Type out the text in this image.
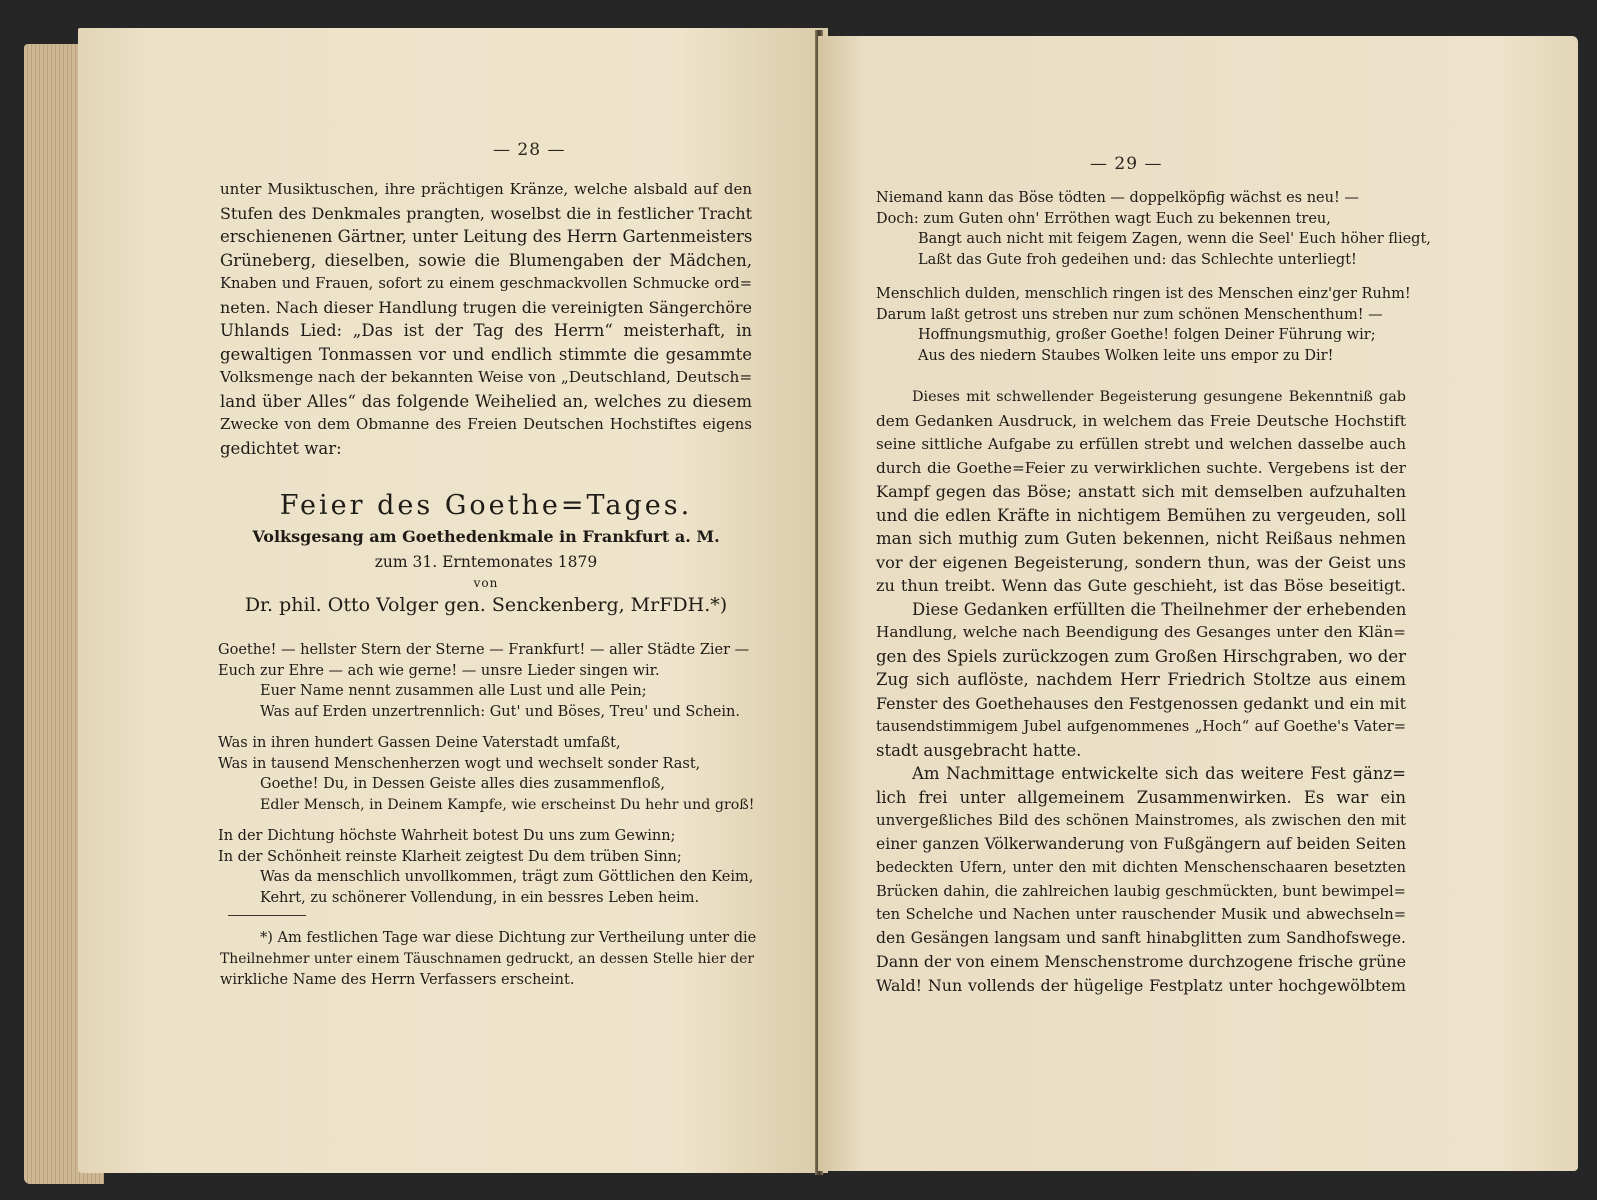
— 28 —
unter Musiktuschen, ihre prächtigen Kränze, welche alsbald auf den
Stufen des Denkmales prangten, woselbst die in festlicher Tracht
erschienenen Gärtner, unter Leitung des Herrn Gartenmeisters
Grüneberg, dieselben, sowie die Blumengaben der Mädchen,
Knaben und Frauen, sofort zu einem geschmackvollen Schmucke ord=
neten. Nach dieser Handlung trugen die vereinigten Sängerchöre
Uhlands Lied: „Das ist der Tag des Herrn“ meisterhaft, in
gewaltigen Tonmassen vor und endlich stimmte die gesammte
Volksmenge nach der bekannten Weise von „Deutschland, Deutsch=
land über Alles“ das folgende Weihelied an, welches zu diesem
Zwecke von dem Obmanne des Freien Deutschen Hochstiftes eigens
gedichtet war:
Feier des Goethe=Tages.
Volksgesang am Goethedenkmale in Frankfurt a. M.
zum 31. Erntemonates 1879
von
Dr. phil. Otto Volger gen. Senckenberg, MrFDH.*)
Goethe! — hellster Stern der Sterne — Frankfurt! — aller Städte Zier —
Euch zur Ehre — ach wie gerne! — unsre Lieder singen wir.
Euer Name nennt zusammen alle Lust und alle Pein;
Was auf Erden unzertrennlich: Gut' und Böses, Treu' und Schein.
Was in ihren hundert Gassen Deine Vaterstadt umfaßt,
Was in tausend Menschenherzen wogt und wechselt sonder Rast,
Goethe! Du, in Dessen Geiste alles dies zusammenfloß,
Edler Mensch, in Deinem Kampfe, wie erscheinst Du hehr und groß!
In der Dichtung höchste Wahrheit botest Du uns zum Gewinn;
In der Schönheit reinste Klarheit zeigtest Du dem trüben Sinn;
Was da menschlich unvollkommen, trägt zum Göttlichen den Keim,
Kehrt, zu schönerer Vollendung, in ein bessres Leben heim.
*) Am festlichen Tage war diese Dichtung zur Vertheilung unter die
Theilnehmer unter einem Täuschnamen gedruckt, an dessen Stelle hier der
wirkliche Name des Herrn Verfassers erscheint.
— 29 —
Niemand kann das Böse tödten — doppelköpfig wächst es neu! —
Doch: zum Guten ohn' Erröthen wagt Euch zu bekennen treu,
Bangt auch nicht mit feigem Zagen, wenn die Seel' Euch höher fliegt,
Laßt das Gute froh gedeihen und: das Schlechte unterliegt!
Menschlich dulden, menschlich ringen ist des Menschen einz'ger Ruhm!
Darum laßt getrost uns streben nur zum schönen Menschenthum! —
Hoffnungsmuthig, großer Goethe! folgen Deiner Führung wir;
Aus des niedern Staubes Wolken leite uns empor zu Dir!
Dieses mit schwellender Begeisterung gesungene Bekenntniß gab
dem Gedanken Ausdruck, in welchem das Freie Deutsche Hochstift
seine sittliche Aufgabe zu erfüllen strebt und welchen dasselbe auch
durch die Goethe=Feier zu verwirklichen suchte. Vergebens ist der
Kampf gegen das Böse; anstatt sich mit demselben aufzuhalten
und die edlen Kräfte in nichtigem Bemühen zu vergeuden, soll
man sich muthig zum Guten bekennen, nicht Reißaus nehmen
vor der eigenen Begeisterung, sondern thun, was der Geist uns
zu thun treibt. Wenn das Gute geschieht, ist das Böse beseitigt.
Diese Gedanken erfüllten die Theilnehmer der erhebenden
Handlung, welche nach Beendigung des Gesanges unter den Klän=
gen des Spiels zurückzogen zum Großen Hirschgraben, wo der
Zug sich auflöste, nachdem Herr Friedrich Stoltze aus einem
Fenster des Goethehauses den Festgenossen gedankt und ein mit
tausendstimmigem Jubel aufgenommenes „Hoch“ auf Goethe's Vater=
stadt ausgebracht hatte.
Am Nachmittage entwickelte sich das weitere Fest gänz=
lich frei unter allgemeinem Zusammenwirken. Es war ein
unvergeßliches Bild des schönen Mainstromes, als zwischen den mit
einer ganzen Völkerwanderung von Fußgängern auf beiden Seiten
bedeckten Ufern, unter den mit dichten Menschenschaaren besetzten
Brücken dahin, die zahlreichen laubig geschmückten, bunt bewimpel=
ten Schelche und Nachen unter rauschender Musik und abwechseln=
den Gesängen langsam und sanft hinabglitten zum Sandhofswege.
Dann der von einem Menschenstrome durchzogene frische grüne
Wald! Nun vollends der hügelige Festplatz unter hochgewölbtem
